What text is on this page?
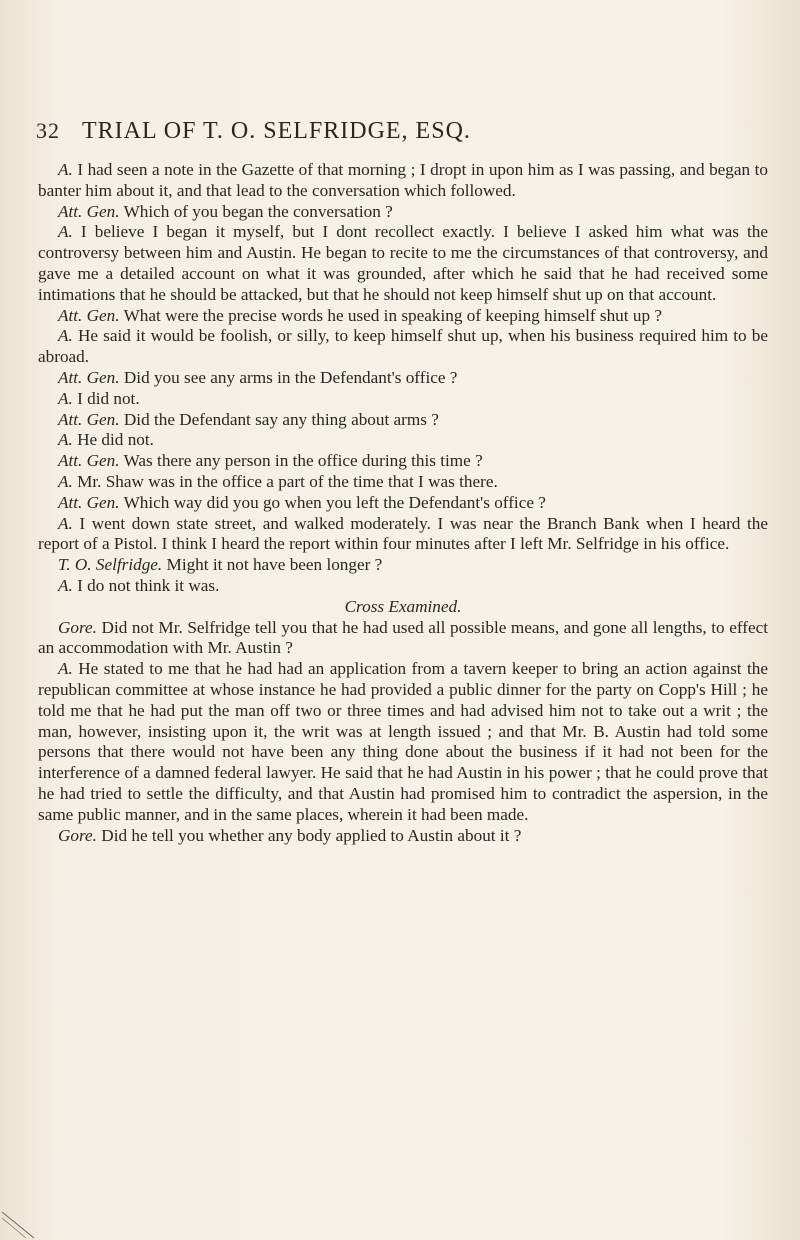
32 TRIAL OF T. O. SELFRIDGE, ESQ.

A. I had seen a note in the Gazette of that morning ; I dropt in upon him as I was passing, and began to banter him about it, and that lead to the conversation which followed.

Att. Gen. Which of you began the conversation ?

A. I believe I began it myself, but I dont recollect exactly. I believe I asked him what was the controversy between him and Austin. He began to recite to me the circumstances of that controversy, and gave me a detailed account on what it was grounded, after which he said that he had received some intimations that he should be attacked, but that he should not keep himself shut up on that account.

Att. Gen. What were the precise words he used in speaking of keeping himself shut up ?

A. He said it would be foolish, or silly, to keep himself shut up, when his business required him to be abroad.

Att. Gen. Did you see any arms in the Defendant's office ?

A. I did not.

Att. Gen. Did the Defendant say any thing about arms ?

A. He did not.

Att. Gen. Was there any person in the office during this time ?

A. Mr. Shaw was in the office a part of the time that I was there.

Att. Gen. Which way did you go when you left the Defendant's office ?

A. I went down state street, and walked moderately. I was near the Branch Bank when I heard the report of a Pistol. I think I heard the report within four minutes after I left Mr. Selfridge in his office.

T. O. Selfridge. Might it not have been longer ?

A. I do not think it was.

Cross Examined.

Gore. Did not Mr. Selfridge tell you that he had used all possible means, and gone all lengths, to effect an accommodation with Mr. Austin ?

A. He stated to me that he had had an application from a tavern keeper to bring an action against the republican committee at whose instance he had provided a public dinner for the party on Copp's Hill ; he told me that he had put the man off two or three times and had advised him not to take out a writ ; the man, however, insisting upon it, the writ was at length issued ; and that Mr. B. Austin had told some persons that there would not have been any thing done about the business if it had not been for the interference of a damned federal lawyer. He said that he had Austin in his power ; that he could prove that he had tried to settle the difficulty, and that Austin had promised him to contradict the aspersion, in the same public manner, and in the same places, wherein it had been made.

Gore. Did he tell you whether any body applied to Austin about it ?
